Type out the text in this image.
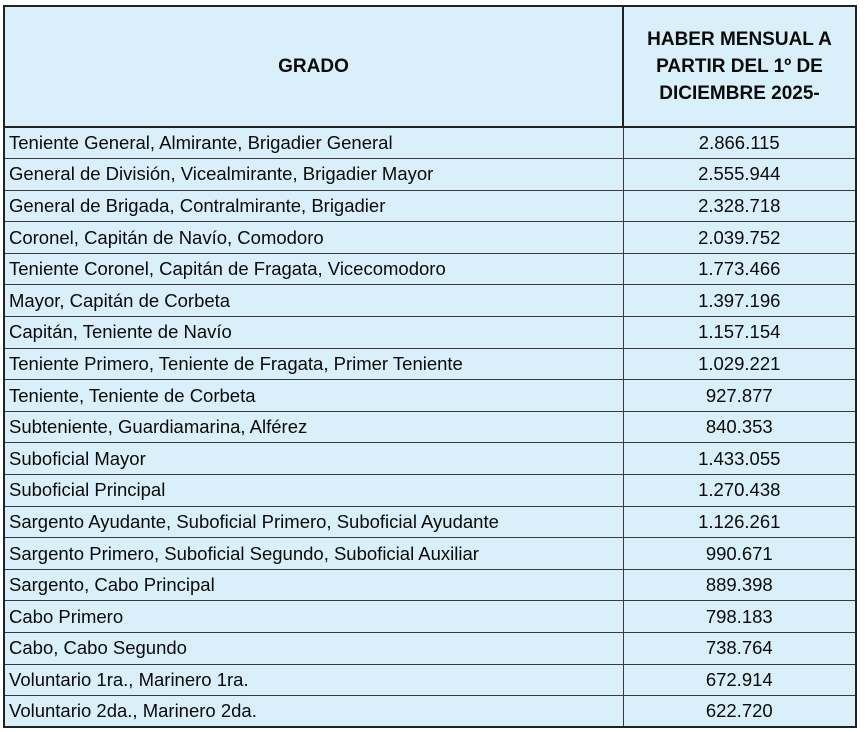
GRADO	HABER MENSUAL A PARTIR DEL 1º DE DICIEMBRE 2025-
Teniente General, Almirante, Brigadier General	2.866.115
General de División, Vicealmirante, Brigadier Mayor	2.555.944
General de Brigada, Contralmirante, Brigadier	2.328.718
Coronel, Capitán de Navío, Comodoro	2.039.752
Teniente Coronel, Capitán de Fragata, Vicecomodoro	1.773.466
Mayor, Capitán de Corbeta	1.397.196
Capitán, Teniente de Navío	1.157.154
Teniente Primero, Teniente de Fragata, Primer Teniente	1.029.221
Teniente, Teniente de Corbeta	927.877
Subteniente, Guardiamarina, Alférez	840.353
Suboficial Mayor	1.433.055
Suboficial Principal	1.270.438
Sargento Ayudante, Suboficial Primero, Suboficial Ayudante	1.126.261
Sargento Primero, Suboficial Segundo, Suboficial Auxiliar	990.671
Sargento, Cabo Principal	889.398
Cabo Primero	798.183
Cabo, Cabo Segundo	738.764
Voluntario 1ra., Marinero 1ra.	672.914
Voluntario 2da., Marinero 2da.	622.720
